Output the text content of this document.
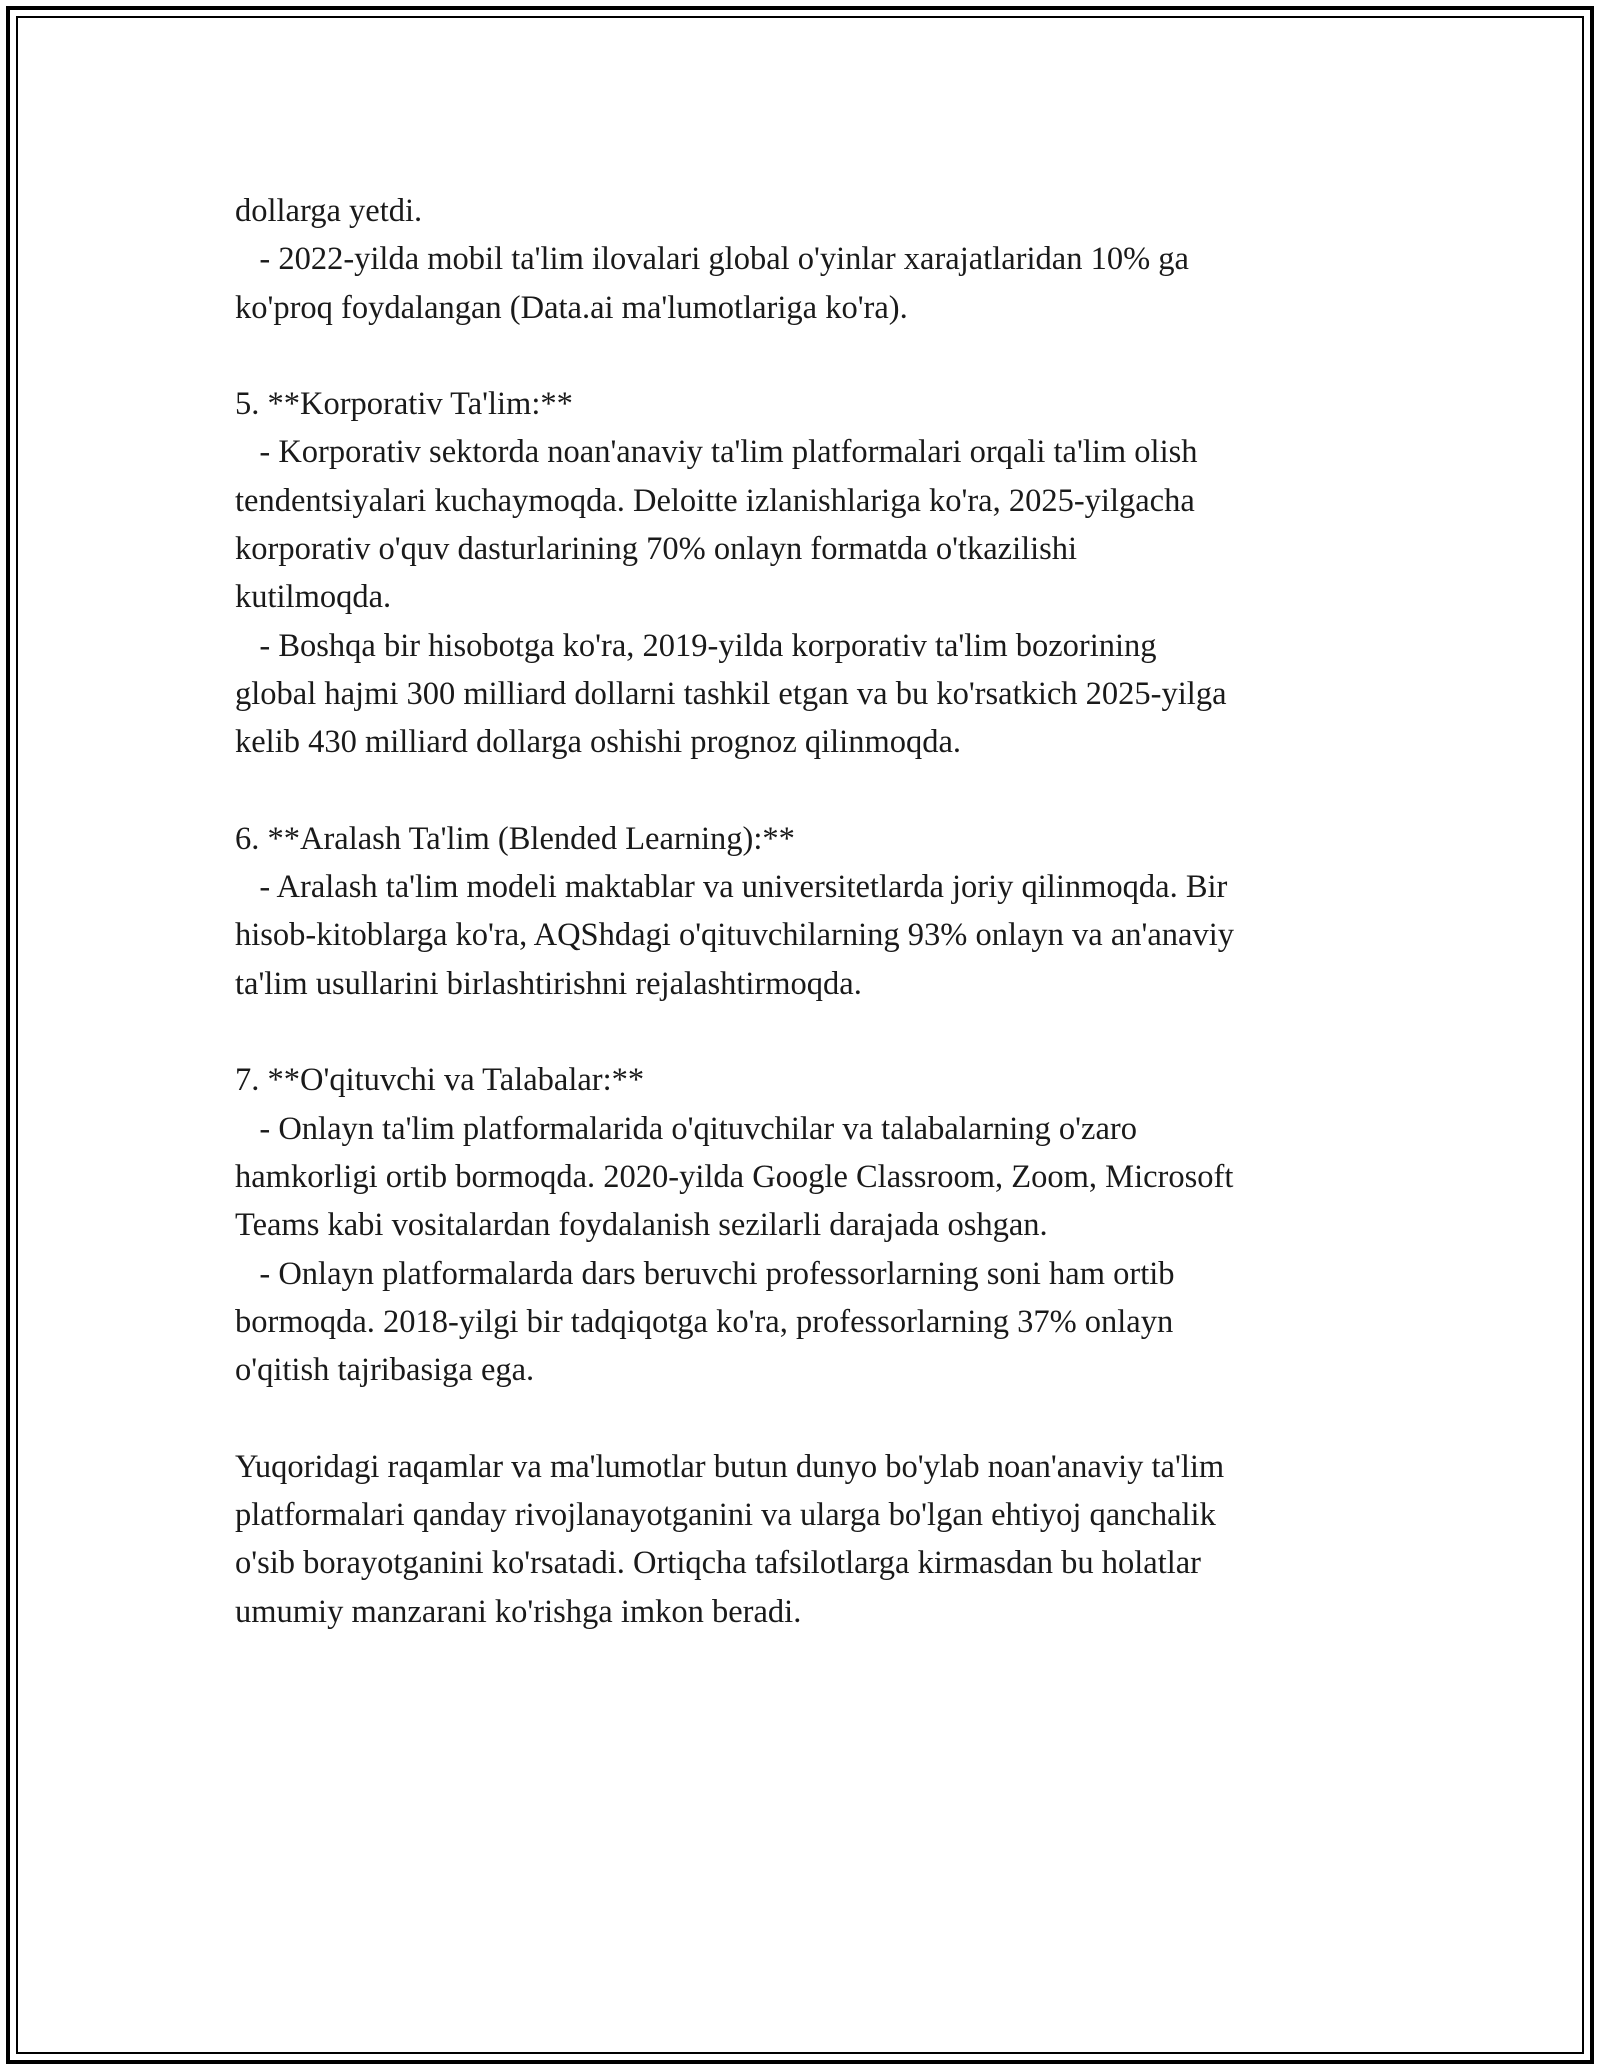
dollarga yetdi.
- 2022-yilda mobil ta'lim ilovalari global o'yinlar xarajatlaridan 10% ga
ko'proq foydalangan (Data.ai ma'lumotlariga ko'ra).
5. **Korporativ Ta'lim:**
- Korporativ sektorda noan'anaviy ta'lim platformalari orqali ta'lim olish
tendentsiyalari kuchaymoqda. Deloitte izlanishlariga ko'ra, 2025-yilgacha
korporativ o'quv dasturlarining 70% onlayn formatda o'tkazilishi
kutilmoqda.
- Boshqa bir hisobotga ko'ra, 2019-yilda korporativ ta'lim bozorining
global hajmi 300 milliard dollarni tashkil etgan va bu ko'rsatkich 2025-yilga
kelib 430 milliard dollarga oshishi prognoz qilinmoqda.
6. **Aralash Ta'lim (Blended Learning):**
- Aralash ta'lim modeli maktablar va universitetlarda joriy qilinmoqda. Bir
hisob-kitoblarga ko'ra, AQShdagi o'qituvchilarning 93% onlayn va an'anaviy
ta'lim usullarini birlashtirishni rejalashtirmoqda.
7. **O'qituvchi va Talabalar:**
- Onlayn ta'lim platformalarida o'qituvchilar va talabalarning o'zaro
hamkorligi ortib bormoqda. 2020-yilda Google Classroom, Zoom, Microsoft
Teams kabi vositalardan foydalanish sezilarli darajada oshgan.
- Onlayn platformalarda dars beruvchi professorlarning soni ham ortib
bormoqda. 2018-yilgi bir tadqiqotga ko'ra, professorlarning 37% onlayn
o'qitish tajribasiga ega.
Yuqoridagi raqamlar va ma'lumotlar butun dunyo bo'ylab noan'anaviy ta'lim
platformalari qanday rivojlanayotganini va ularga bo'lgan ehtiyoj qanchalik
o'sib borayotganini ko'rsatadi. Ortiqcha tafsilotlarga kirmasdan bu holatlar
umumiy manzarani ko'rishga imkon beradi.
